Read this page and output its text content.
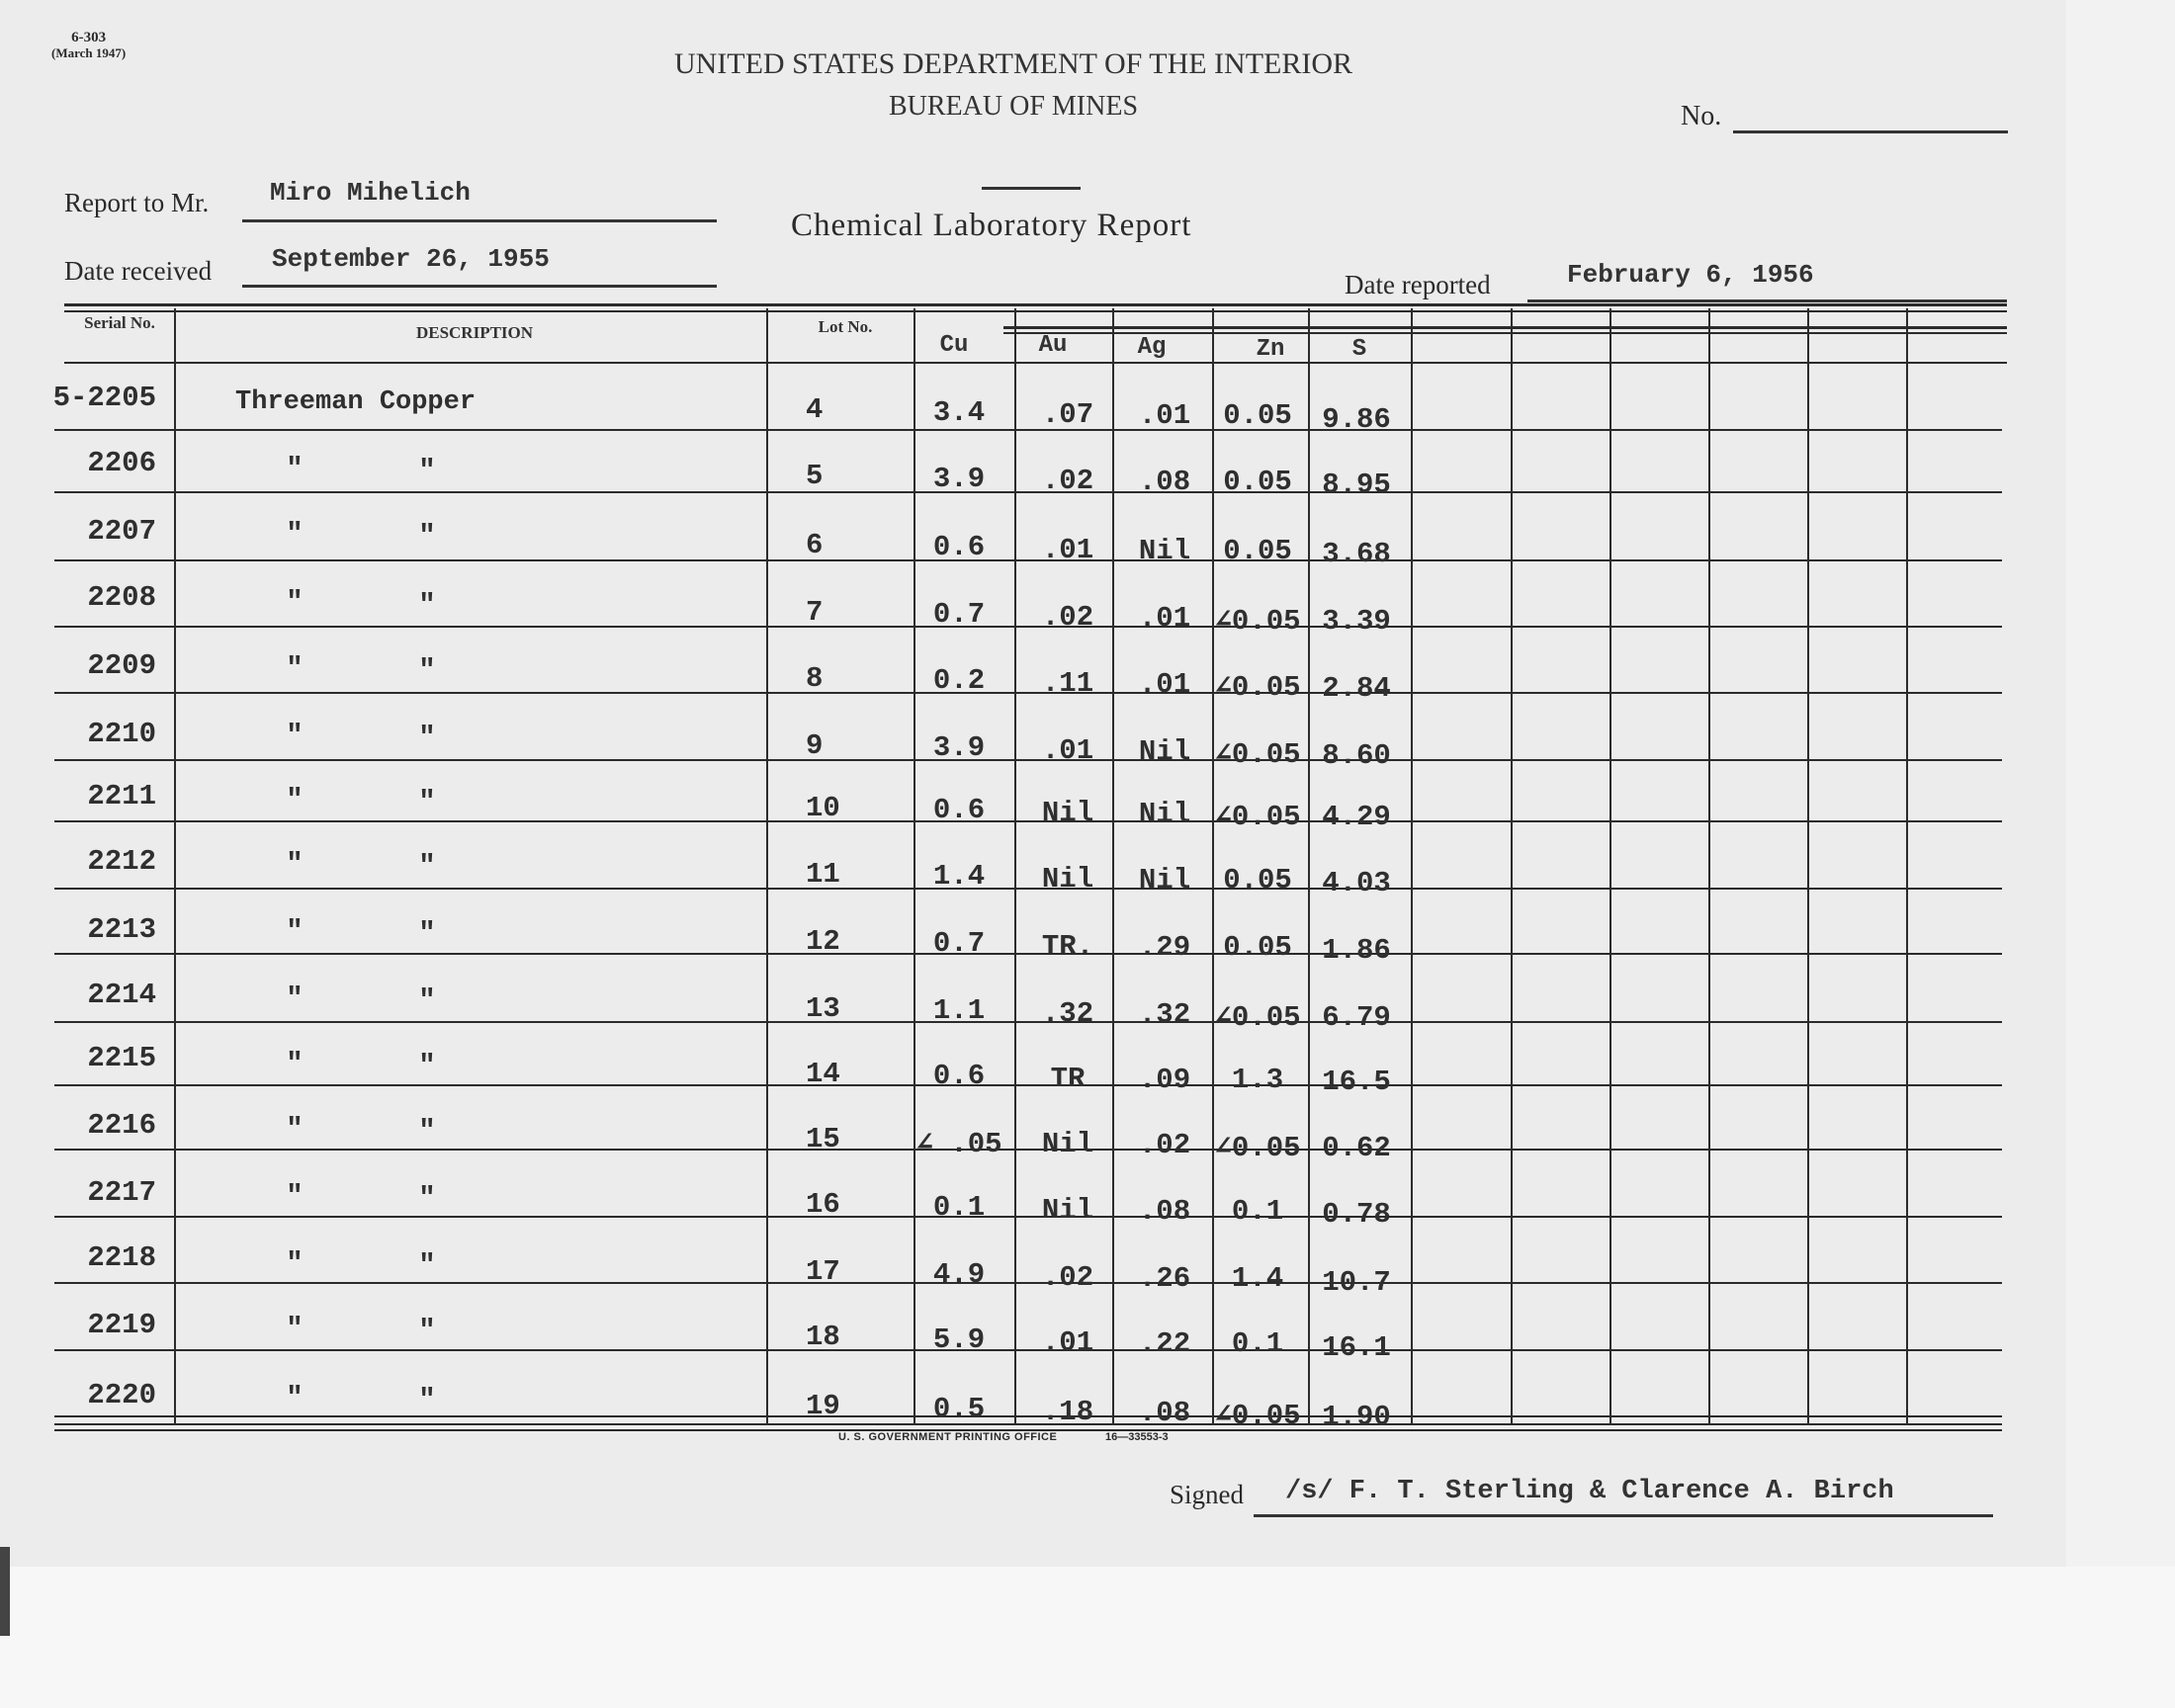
6-303
(March 1947)	UNITED STATES DEPARTMENT OF THE INTERIOR
BUREAU OF MINES	No.
Report to Mr. Miro Mihelich
Date received September 26, 1955
Chemical Laboratory Report
Date reported	February 6, 1956
Serial No.
DESCRIPTION	Lot No.
Cu	Au	Ag	Zn	S
5-2205	Threeman Copper	4	3.4	.07	.01	0.05	9.86
2206	"	"	5	3.9	.02	.08	0.05	8.95
2207	"	"	6	0.6	.01	Nil	0.05	3.68
2208	"	"	7	0.7	.02	.01 ∠0.05 3.39
2209	"	"	8	0.2	.11	.01 ∠0.05 2.84
2210	"	"	9	3.9	.01	Nil ∠0.05 8.60
2211	"	"	10	0.6	Nil	Nil ∠0.05 4.29
2212	"	"	11	1.4	Nil	Nil	0.05	4.03
2213	"	"	12	0.7	TR.	.29	0.05	1.86
2214	"	"	13	1.1	.32	.32 ∠0.05 6.79
2215	"	"	14	0.6	TR	.09	1.3	16.5
2216	"	"	15	∠ .05	Nil	.02 ∠0.05 0.62
2217	"	"	16	0.1	Nil	.08	0.1	0.78
2218	"	"	17	4.9	.02	.26	1.4	10.7
2219	"	"	18	5.9	.01	.22	0.1	16.1
2220	"	"	19	0.5	.18	.08 ∠0.05 1.90
U. S. GOVERNMENT PRINTING OFFICE	16—33553-3
Signed /s/ F. T. Sterling & Clarence A. Birch
